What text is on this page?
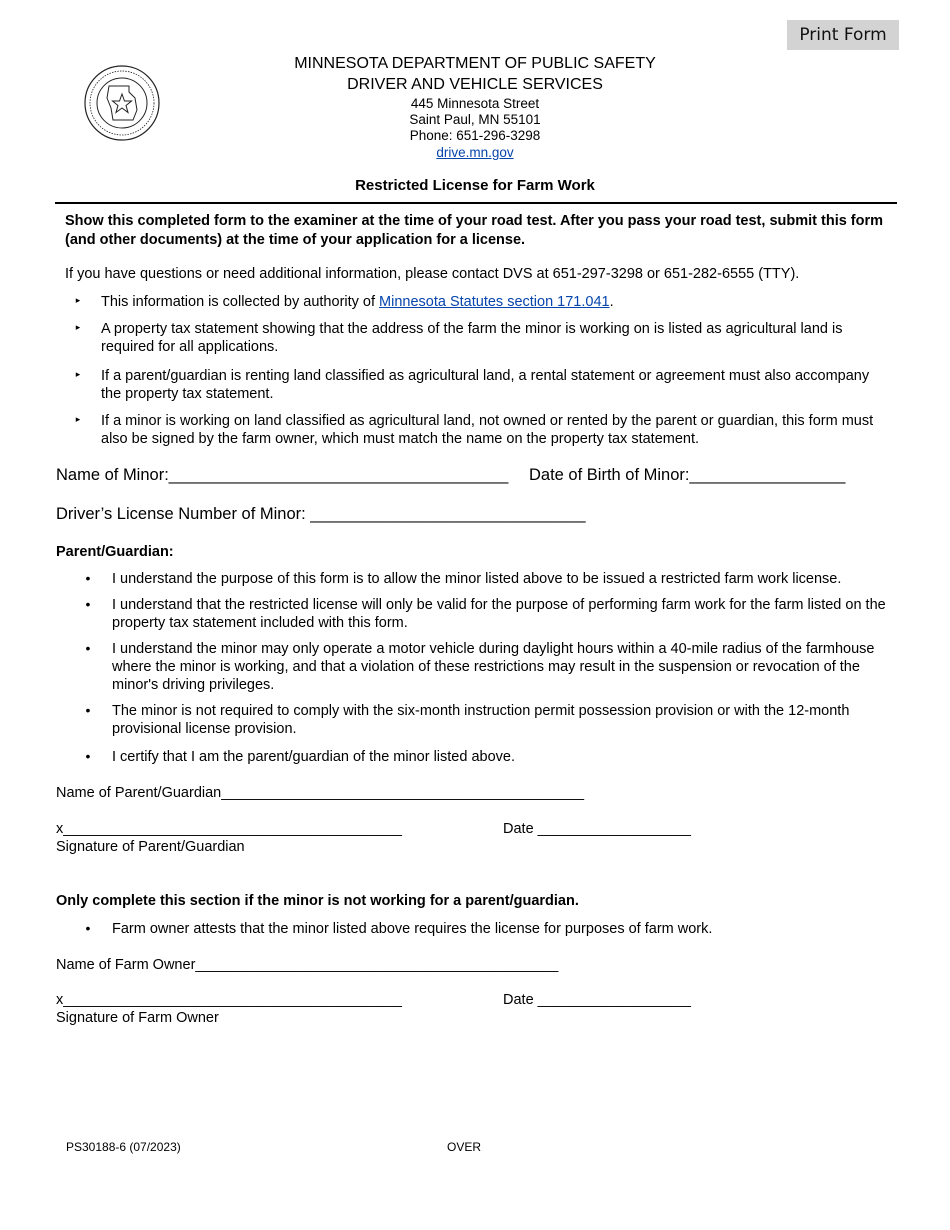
Print Form
MINNESOTA DEPARTMENT OF PUBLIC SAFETY
DRIVER AND VEHICLE SERVICES
445 Minnesota Street
Saint Paul, MN 55101
Phone: 651-296-3298
drive.mn.gov
Restricted License for Farm Work
Show this completed form to the examiner at the time of your road test. After you pass your road test, submit this form (and other documents) at the time of your application for a license.
If you have questions or need additional information, please contact DVS at 651-297-3298 or 651-282-6555 (TTY).
▸ This information is collected by authority of Minnesota Statutes section 171.041.
▸ A property tax statement showing that the address of the farm the minor is working on is listed as agricultural land is required for all applications.
▸ If a parent/guardian is renting land classified as agricultural land, a rental statement or agreement must also accompany the property tax statement.
▸ If a minor is working on land classified as agricultural land, not owned or rented by the parent or guardian, this form must also be signed by the farm owner, which must match the name on the property tax statement.
Name of Minor:_____________________________________ Date of Birth of Minor:_________________
Driver’s License Number of Minor: ______________________________
Parent/Guardian:
• I understand the purpose of this form is to allow the minor listed above to be issued a restricted farm work license.
• I understand that the restricted license will only be valid for the purpose of performing farm work for the farm listed on the property tax statement included with this form.
• I understand the minor may only operate a motor vehicle during daylight hours within a 40-mile radius of the farmhouse where the minor is working, and that a violation of these restrictions may result in the suspension or revocation of the minor's driving privileges.
• The minor is not required to comply with the six-month instruction permit possession provision or with the 12-month provisional license provision.
• I certify that I am the parent/guardian of the minor listed above.
Name of Parent/Guardian_____________________________________________
x__________________________________________	Date ___________________
Signature of Parent/Guardian
Only complete this section if the minor is not working for a parent/guardian.
• Farm owner attests that the minor listed above requires the license for purposes of farm work.
Name of Farm Owner_____________________________________________
x__________________________________________	Date ___________________
Signature of Farm Owner
PS30188-6 (07/2023)	OVER
